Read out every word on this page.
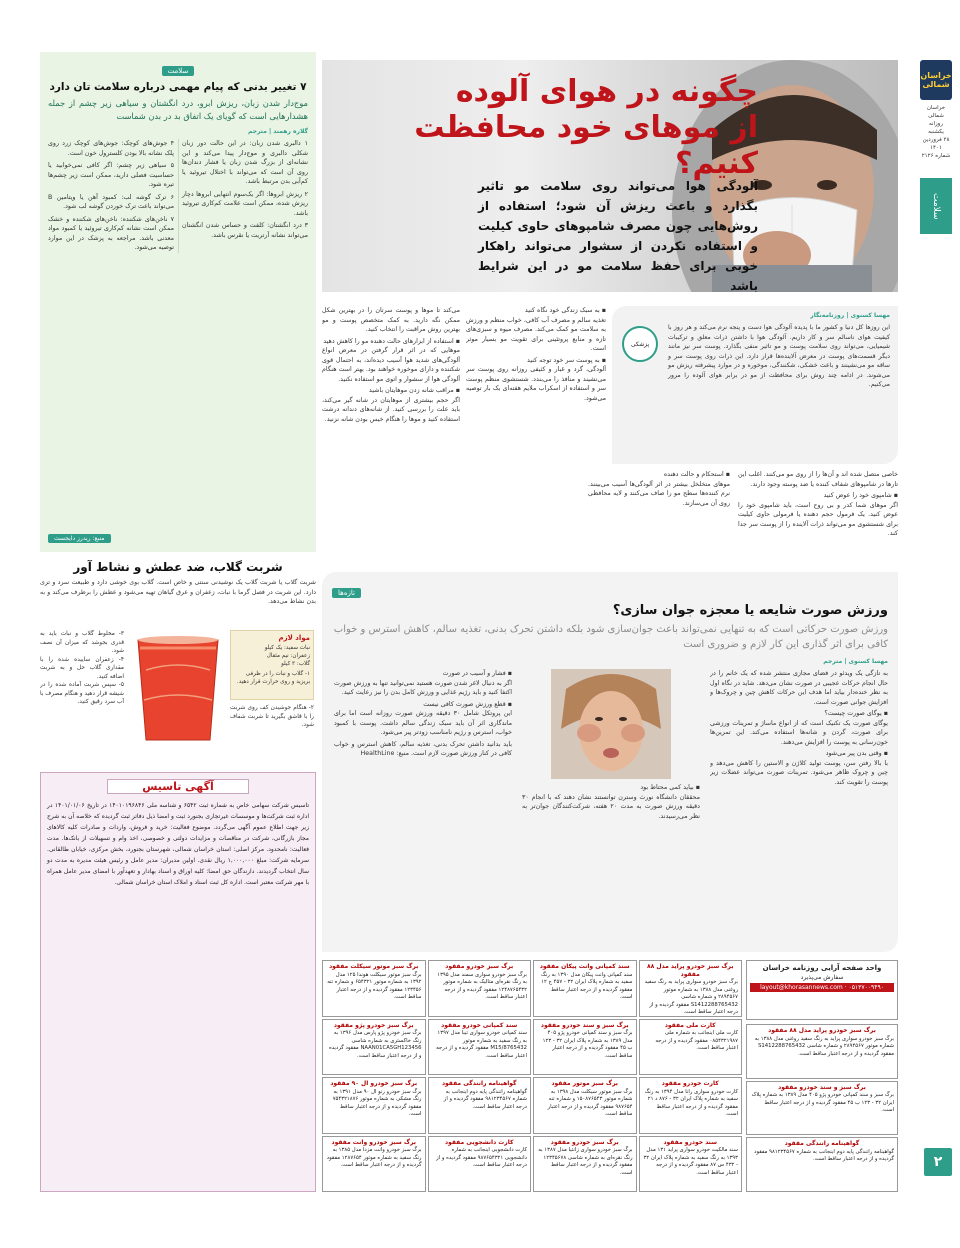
خراسان شمالی
خراسان شمالی
روزانه
یکشنبه
۲۸ فروردین ۱۴۰۱
شماره ۲۱۲۶
سلامت
۲
چگونه در هوای آلوده
از موهای خود محافظت کنیم؟
آلودگی هوا می‌تواند روی سلامت مو تاثیر بگذارد و باعث ریزش آن شود؛ استفاده از روش‌هایی چون مصرف شامپوهای حاوی کیلیت و استفاده نکردن از سشوار می‌تواند راهکار خوبی برای حفظ سلامت مو در این شرایط باشد
مهسا کسنوی | روزنامه‌نگار
پزشکی
این روزها کل دنیا و کشور ما با پدیده آلودگی هوا دست و پنجه نرم می‌کند و هر روز با کیفیت هوای ناسالم سر و کار داریم. آلودگی هوا با داشتن ذرات معلق و ترکیبات شیمیایی، می‌تواند روی سلامت پوست و مو تاثیر منفی بگذارد. پوست سر نیز مانند دیگر قسمت‌های پوست در معرض آلاینده‌ها قرار دارد. این ذرات روی پوست سر و ساقه مو می‌نشینند و باعث خشکی، شکنندگی، موخوره و در موارد پیشرفته ریزش مو می‌شوند. در ادامه چند روش برای محافظت از مو در برابر هوای آلوده را مرور می‌کنیم.

خاصی متصل شده اند و آن‌ها را از روی مو می‌کنند. اغلب این تارها در شامپوهای شفاف کننده یا ضد پوسته وجود دارند.

▪ شامپوی خود را عوض کنید
اگر موهای شما کدر و بی روح است، باید شامپوی خود را عوض کنید. یک فرمول حجم دهنده یا فرمولی حاوی کیلیت برای شستشوی مو می‌تواند ذرات آلاینده را از پوست سر جدا کند.

▪ استحکام و حالت دهنده
موهای متخلخل بیشتر در اثر آلودگی‌ها آسیب می‌بینند. نرم کننده‌ها سطح مو را صاف می‌کنند و لایه محافظی روی آن می‌سازند.

▪ به سبک زندگی خود نگاه کنید
تغذیه سالم و مصرف آب کافی، خواب منظم و ورزش به سلامت مو کمک می‌کند. مصرف میوه و سبزی‌های تازه و منابع پروتئینی برای تقویت مو بسیار موثر است.

▪ به پوست سر خود توجه کنید
آلودگی، گرد و غبار و کثیفی روزانه روی پوست سر می‌نشیند و منافذ را می‌بندد. شستشوی منظم پوست سر و استفاده از اسکراب ملایم هفته‌ای یک بار توصیه می‌شود.

می‌کند تا موها و پوست سرتان را در بهترین شکل ممکن نگه دارید. به کمک متخصص پوست و مو بهترین روش مراقبت را انتخاب کنید.

▪ استفاده از ابزارهای حالت دهنده مو را کاهش دهید
موهایی که در اثر قرار گرفتن در معرض انواع آلودگی‌های شدید هوا آسیب دیده‌اند، به احتمال قوی شکننده و دارای موخوره خواهند بود. بهتر است هنگام آلودگی هوا از سشوار و اتوی مو استفاده نکنید.

▪ مراقب شانه زدن موهایتان باشید
اگر حجم بیشتری از موهایتان در شانه گیر می‌کند، باید علت را بررسی کنید. از شانه‌های دندانه درشت استفاده کنید و موها را هنگام خیس بودن شانه نزنید.

سلامت
۷ تغییر بدنی که پیام مهمی درباره سلامت تان دارد
موج‌دار شدن زبان، ریزش ابرو، درد انگشتان و سیاهی زیر چشم از جمله هشدارهایی است که گویای یک اتفاق بد در بدن شماست
گلاره رهمند | مترجم

۱ دالبری شدن زبان: در این حالت دور زبان شکلی دالبری و موج‌دار پیدا می‌کند و این نشانه‌ای از بزرگ شدن زبان یا فشار دندان‌ها روی آن است که می‌تواند با اختلال تیروئید یا کم‌آبی بدن مرتبط باشد.

۲ ریزش ابروها: اگر یک‌سوم انتهایی ابروها دچار ریزش شده، ممکن است علامت کم‌کاری تیروئید باشد.

۳ درد انگشتان: کلفت و حساس شدن انگشتان می‌تواند نشانه آرتریت یا نقرس باشد.

۴ جوش‌های کوچک: جوش‌های کوچک زرد روی پلک نشانه بالا بودن کلسترول خون است.

۵ سیاهی زیر چشم: اگر کافی نمی‌خوابید یا حساسیت فصلی دارید، ممکن است زیر چشم‌ها تیره شود.

۶ ترک گوشه لب: کمبود آهن یا ویتامین B می‌تواند باعث ترک خوردن گوشه لب شود.

۷ ناخن‌های شکننده: ناخن‌های شکننده و خشک ممکن است نشانه کم‌کاری تیروئید یا کمبود مواد معدنی باشد. مراجعه به پزشک در این موارد توصیه می‌شود.

منبع: ریدرز دایجست
شربت گلاب، ضد عطش و نشاط آور
شربت گلاب یا شربت گلاب یک نوشیدنی سنتی و خاص است. گلاب بوی خوشی دارد و طبیعت سرد و تری دارد. این شربت در فصل گرما با نبات، زعفران و عرق گیاهان تهیه می‌شود و عطش را برطرف می‌کند و به بدن نشاط می‌دهد.
مواد لازم
نبات سفید: یک کیلو
زعفران: نیم مثقال
گلاب: ۳ کیلو
۱- گلاب و نبات را در ظرفی بریزید و روی حرارت قرار دهید.

۲- هنگام جوشیدن کف روی شربت را با قاشق بگیرید تا شربت شفاف شود.

۳- مخلوط گلاب و نبات باید به قدری بجوشد که میزان آن نصف شود.

۴- زعفران ساییده شده را با مقداری گلاب حل و به شربت اضافه کنید.

۵- سپس شربت آماده شده را در شیشه قرار دهید و هنگام مصرف با آب سرد رقیق کنید.

تازه‌ها
ورزش صورت شایعه یا معجزه جوان سازی؟
ورزش صورت حرکاتی است که به تنهایی نمی‌تواند باعث جوان‌سازی شود بلکه داشتن تحرک بدنی، تغذیه سالم، کاهش استرس و خواب کافی برای اثر گذاری این کار لازم و ضروری است
مهسا کسنوی | مترجم

به تازگی یک ویدئو در فضای مجازی منتشر شده که یک خانم را در حال انجام حرکات عجیبی در صورت نشان می‌دهد. شاید در نگاه اول به نظر خنده‌دار بیاید اما هدف این حرکات کاهش چین و چروک‌ها و افزایش جوانی صورت است.

▪ یوگای صورت چیست؟
یوگای صورت یک تکنیک است که از انواع ماساژ و تمرینات ورزشی برای صورت، گردن و شانه‌ها استفاده می‌کند. این تمرین‌ها خون‌رسانی به پوست را افزایش می‌دهند.

▪ وقتی بدن پیر می‌شود
با بالا رفتن سن، پوست تولید کلاژن و الاستین را کاهش می‌دهد و چین و چروک ظاهر می‌شود. تمرینات صورت می‌تواند عضلات زیر پوست را تقویت کند.

▪ بیاید کمی محتاط بود
محققان دانشگاه نورث وسترن توانستند نشان دهند که با انجام ۳۰ دقیقه ورزش صورت به مدت ۲۰ هفته، شرکت‌کنندگان جوان‌تر به نظر می‌رسیدند.

▪ فشار و آسیب در صورت
اگر به دنبال لاغر شدن صورت هستید نمی‌توانید تنها به ورزش صورت اکتفا کنید و باید رژیم غذایی و ورزش کامل بدن را نیز رعایت کنید.

▪ قطع ورزش صورت کافی نیست
این پروتکل شامل ۳۰ دقیقه ورزش صورت روزانه است اما برای ماندگاری اثر آن باید سبک زندگی سالم داشت. پوست با کمبود خواب، استرس و رژیم نامناسب زودتر پیر می‌شود.

باید بدانید داشتن تحرک بدنی، تغذیه سالم، کاهش استرس و خواب کافی در کنار ورزش صورت لازم است. منبع: HealthLine

آگهی تاسیس
تاسیس شرکت سهامی خاص به شماره ثبت ۶۵۴۲ و شناسه ملی ۱۴۰۱۰۱۹۶۸۴۶ در تاریخ ۱۴۰۱/۰۱/۰۶ در اداره ثبت شرکت‌ها و موسسات غیرتجاری بجنورد ثبت و امضا ذیل دفاتر ثبت گردیده که خلاصه آن به شرح زیر جهت اطلاع عموم آگهی می‌گردد. موضوع فعالیت: خرید و فروش، واردات و صادرات کلیه کالاهای مجاز بازرگانی، شرکت در مناقصات و مزایدات دولتی و خصوصی، اخذ وام و تسهیلات از بانک‌ها. مدت فعالیت: نامحدود. مرکز اصلی: استان خراسان شمالی، شهرستان بجنورد، بخش مرکزی، خیابان طالقانی. سرمایه شرکت: مبلغ ۱,۰۰۰,۰۰۰ ریال نقدی. اولین مدیران: مدیر عامل و رئیس هیئت مدیره به مدت دو سال انتخاب گردیدند. دارندگان حق امضا: کلیه اوراق و اسناد بهادار و تعهدآور با امضای مدیر عامل همراه با مهر شرکت معتبر است. اداره کل ثبت اسناد و املاک استان خراسان شمالی.
واحد صفحه آرایی روزنامه خراسان
سفارش می‌پذیرد
۰۵۱۳۷۰۰۹۴۹۰ · layout@khorasannews.com
برگ سبز خودرو پراید مدل ۸۸ مفقود
برگ سبز خودرو سواری پراید به رنگ سفید روغنی مدل ۱۳۸۸ به شماره موتور ۲۸۹۴۵۶۷ و شماره شاسی S1412288765432 مفقود گردیده و از درجه اعتبار ساقط است.
سند کمپانی وانت پیکان مفقود
سند کمپانی وانت پیکان مدل ۱۳۹۰ به رنگ سفید به شماره پلاک ایران ۳۲ - ۴۵۷ ج ۱۲ مفقود گردیده و از درجه اعتبار ساقط است.
برگ سبز خودرو مفقود
برگ سبز خودرو سواری سمند مدل ۱۳۹۵ به رنگ نقره‌ای متالیک به شماره موتور ۱۲۴۸۷۶۵۴۳۲ مفقود گردیده و از درجه اعتبار ساقط است.
برگ سبز موتور سیکلت مفقود
برگ سبز موتور سیکلت هوندا ۱۲۵ مدل ۱۳۹۲ به شماره موتور ۶۵۴۳۲۱ و شماره تنه ۱۲۳۴۵۶ مفقود گردیده و از درجه اعتبار ساقط است.
کارت ملی مفقود
کارت ملی اینجانب به شماره ملی ۰۸۵۴۳۲۱۹۸۷ مفقود گردیده و از درجه اعتبار ساقط است.
برگ سبز و سند خودرو مفقود
برگ سبز و سند کمپانی خودرو پژو ۴۰۵ مدل ۱۳۸۹ به شماره پلاک ایران ۳۲ - ۱۲۳ ب ۴۵ مفقود گردیده و از درجه اعتبار ساقط است.
سند کمپانی خودرو مفقود
سند کمپانی خودرو سواری تیبا مدل ۱۳۹۷ به رنگ سفید به شماره موتور M15/8765432 مفقود گردیده و از درجه اعتبار ساقط است.
برگ سبز خودرو پژو مفقود
برگ سبز خودرو پژو پارس مدل ۱۳۹۶ به رنگ خاکستری به شماره شاسی NAAN01CA5GH123456 مفقود گردیده و از درجه اعتبار ساقط است.
کارت خودرو مفقود
کارت خودرو سواری رانا مدل ۱۳۹۴ به رنگ سفید به شماره پلاک ایران ۳۲ - ۸۷۶ د ۲۱ مفقود گردیده و از درجه اعتبار ساقط است.
برگ سبز موتور مفقود
برگ سبز موتور سیکلت مدل ۱۳۹۸ به شماره موتور ۱۵۰۸۷۶۵۴۳ و شماره تنه ۹۸۷۶۵۴ مفقود گردیده و از درجه اعتبار ساقط است.
گواهینامه رانندگی مفقود
گواهینامه رانندگی پایه دوم اینجانب به شماره ۹۸۱۲۳۴۵۶۷ مفقود گردیده و از درجه اعتبار ساقط است.
برگ سبز خودرو ال ۹۰ مفقود
برگ سبز خودرو رنو ال ۹۰ مدل ۱۳۹۱ به رنگ مشکی به شماره موتور ۷۵۴۳۲۱۸۷۶ مفقود گردیده و از درجه اعتبار ساقط است.
سند خودرو مفقود
سند مالکیت خودرو سواری پراید ۱۳۱ مدل ۱۳۹۳ به رنگ سفید به شماره پلاک ایران ۳۲ - ۴۳۲ س ۸۷ مفقود گردیده و از درجه اعتبار ساقط است.
برگ سبز خودرو مفقود
برگ سبز خودرو سواری زانتیا مدل ۱۳۸۷ به رنگ نقره‌ای به شماره شاسی ۱۲۳۴۵۶۷۸ مفقود گردیده و از درجه اعتبار ساقط است.
کارت دانشجویی مفقود
کارت دانشجویی اینجانب به شماره دانشجویی ۹۸۷۶۵۴۳۲۱ مفقود گردیده و از درجه اعتبار ساقط است.
برگ سبز خودرو وانت مفقود
برگ سبز خودرو وانت مزدا مدل ۱۳۸۵ به رنگ سفید به شماره موتور ۱۲۸۷۶۵۴ مفقود گردیده و از درجه اعتبار ساقط است.
برگ سبز خودرو پراید مدل ۸۸ مفقود
برگ سبز خودرو سواری پراید به رنگ سفید روغنی مدل ۱۳۸۸ به شماره موتور ۲۸۹۴۵۶۷ و شماره شاسی S1412288765432 مفقود گردیده و از درجه اعتبار ساقط است.
برگ سبز و سند خودرو مفقود
برگ سبز و سند کمپانی خودرو پژو ۴۰۵ مدل ۱۳۸۹ به شماره پلاک ایران ۳۲ - ۱۲۳ ب ۴۵ مفقود گردیده و از درجه اعتبار ساقط است.
گواهینامه رانندگی مفقود
گواهینامه رانندگی پایه دوم اینجانب به شماره ۹۸۱۲۳۴۵۶۷ مفقود گردیده و از درجه اعتبار ساقط است.
